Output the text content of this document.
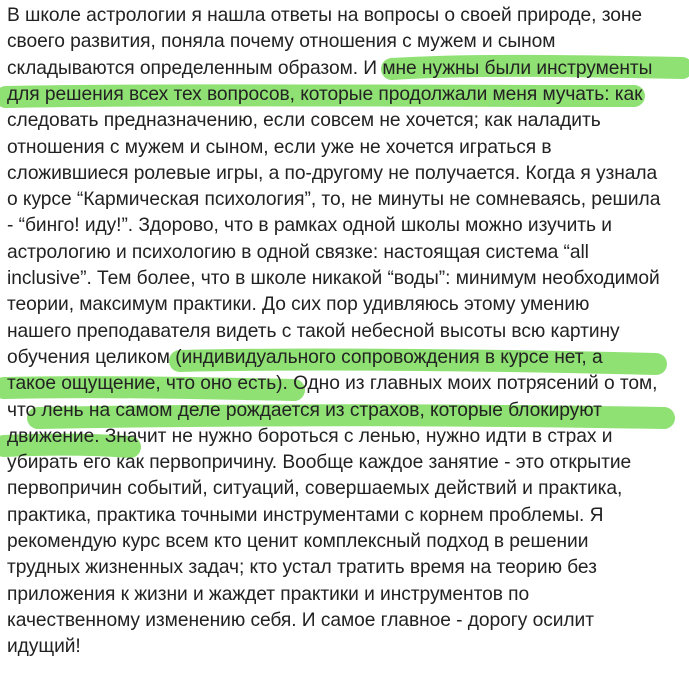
В школе астрологии я нашла ответы на вопросы о своей природе, зоне
своего развития, поняла почему отношения с мужем и сыном
складываются определенным образом. И мне нужны были инструменты
для решения всех тех вопросов, которые продолжали меня мучать: как
следовать предназначению, если совсем не хочется; как наладить
отношения с мужем и сыном, если уже не хочется играться в
сложившиеся ролевые игры, а по-другому не получается. Когда я узнала
о курсе “Кармическая психология”, то, не минуты не сомневаясь, решила
- “бинго! иду!”. Здорово, что в рамках одной школы можно изучить и
астрологию и психологию в одной связке: настоящая система “all
inclusive”. Тем более, что в школе никакой “воды”: минимум необходимой
теории, максимум практики. До сих пор удивляюсь этому умению
нашего преподавателя видеть с такой небесной высоты всю картину
обучения целиком (индивидуального сопровождения в курсе нет, а
такое ощущение, что оно есть). Одно из главных моих потрясений о том,
что лень на самом деле рождается из страхов, которые блокируют
движение. Значит не нужно бороться с ленью, нужно идти в страх и
убирать его как первопричину. Вообще каждое занятие - это открытие
первопричин событий, ситуаций, совершаемых действий и практика,
практика, практика точными инструментами с корнем проблемы. Я
рекомендую курс всем кто ценит комплексный подход в решении
трудных жизненных задач; кто устал тратить время на теорию без
приложения к жизни и жаждет практики и инструментов по
качественному изменению себя. И самое главное - дорогу осилит
идущий!
